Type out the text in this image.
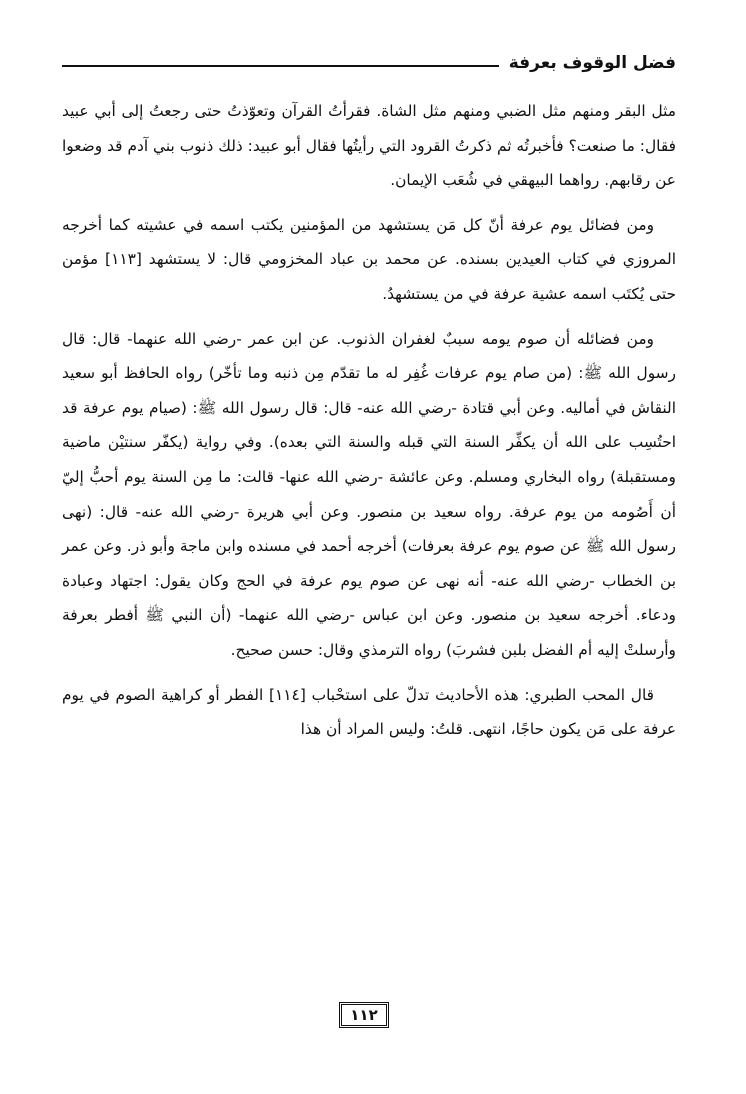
فضل الوقوف بعرفة

مثل البقر ومنهم مثل الضبي ومنهم مثل الشاة. فقرأتُ القرآن وتعوّذتُ حتى رجعتُ إلى أبي عبيد فقال: ما صنعت؟ فأخبرتُه ثم ذكرتُ القرود التي رأيتُها فقال أبو عبيد: ذلك ذنوب بني آدم قد وضعوا عن رقابهم. رواهما البيهقي في شُعَب الإيمان.

ومن فضائل يوم عرفة أنّ كل مَن يستشهد من المؤمنين يكتب اسمه في عشيته كما أخرجه المروزي في كتاب العيدين بسنده. عن محمد بن عباد المخزومي قال: لا يستشهد [١١٣] مؤمن حتى يُكتَب اسمه عشية عرفة في من يستشهدُ.

ومن فضائله أن صوم يومه سببٌ لغفران الذنوب. عن ابن عمر -رضي الله عنهما- قال: قال رسول الله ﷺ: (من صام يوم عرفات غُفِر له ما تقدّم مِن ذنبه وما تأخّر) رواه الحافظ أبو سعيد النقاش في أماليه. وعن أبي قتادة -رضي الله عنه- قال: قال رسول الله ﷺ: (صيام يوم عرفة قد احتُسِب على الله أن يكفِّر السنة التي قبله والسنة التي بعده). وفي رواية (يكفّر سنتيْن ماضية ومستقبلة) رواه البخاري ومسلم. وعن عائشة -رضي الله عنها- قالت: ما مِن السنة يوم أحبُّ إليّ أن أَصُومه من يوم عرفة. رواه سعيد بن منصور. وعن أبي هريرة -رضي الله عنه- قال: (نهى رسول الله ﷺ عن صوم يوم عرفة بعرفات) أخرجه أحمد في مسنده وابن ماجة وأبو ذر. وعن عمر بن الخطاب -رضي الله عنه- أنه نهى عن صوم يوم عرفة في الحج وكان يقول: اجتهاد وعبادة ودعاء. أخرجه سعيد بن منصور. وعن ابن عباس -رضي الله عنهما- (أن النبي ﷺ أفطر بعرفة وأرسلتْ إليه أم الفضل بلبن فشربَ) رواه الترمذي وقال: حسن صحيح.

قال المحب الطبري: هذه الأحاديث تدلّ على استحْباب [١١٤] الفطر أو كراهية الصوم في يوم عرفة على مَن يكون حاجًا، انتهى. قلتُ: وليس المراد أن هذا

١١٢
